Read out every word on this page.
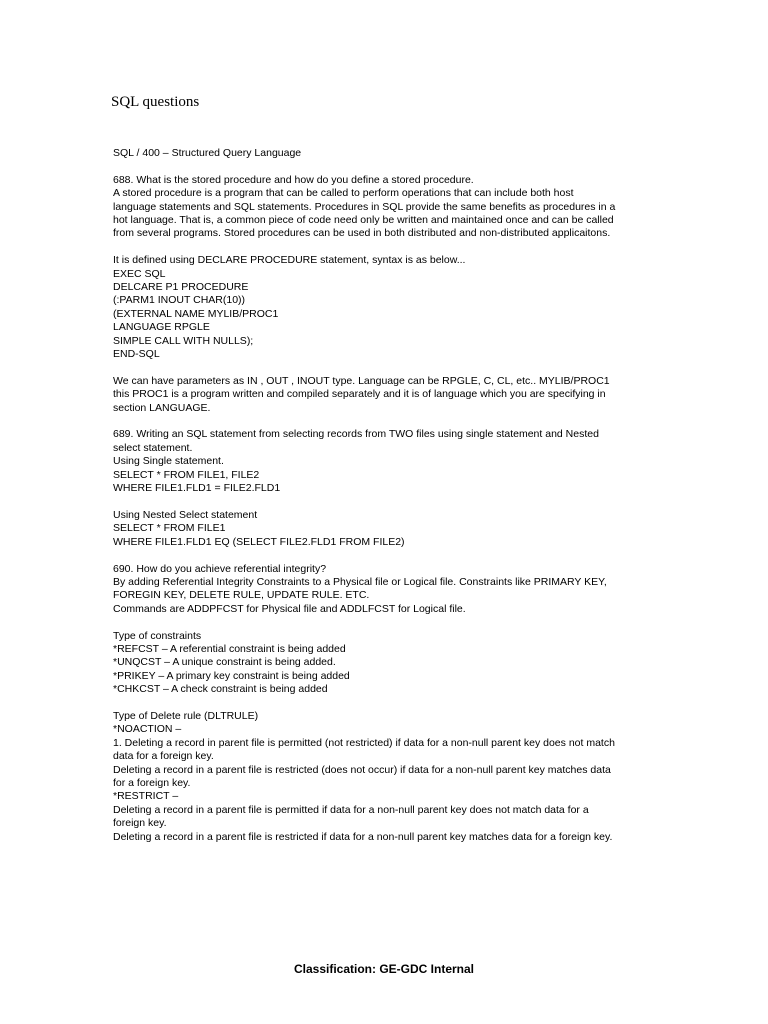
SQL questions
SQL / 400 – Structured Query Language
688. What is the stored procedure and how do you define a stored procedure.
A stored procedure is a program that can be called to perform operations that can include both host
language statements and SQL statements. Procedures in SQL provide the same benefits as procedures in a
hot language. That is, a common piece of code need only be written and maintained once and can be called
from several programs. Stored procedures can be used in both distributed and non-distributed applicaitons.
It is defined using DECLARE PROCEDURE statement, syntax is as below...
EXEC SQL
DELCARE P1 PROCEDURE
(:PARM1 INOUT CHAR(10))
(EXTERNAL NAME MYLIB/PROC1
LANGUAGE RPGLE
SIMPLE CALL WITH NULLS);
END-SQL
We can have parameters as IN , OUT , INOUT type. Language can be RPGLE, C, CL, etc.. MYLIB/PROC1
this PROC1 is a program written and compiled separately and it is of language which you are specifying in
section LANGUAGE.
689. Writing an SQL statement from selecting records from TWO files using single statement and Nested
select statement.
Using Single statement.
SELECT * FROM FILE1, FILE2
WHERE FILE1.FLD1 = FILE2.FLD1
Using Nested Select statement
SELECT * FROM FILE1
WHERE FILE1.FLD1 EQ (SELECT FILE2.FLD1 FROM FILE2)
690. How do you achieve referential integrity?
By adding Referential Integrity Constraints to a Physical file or Logical file. Constraints like PRIMARY KEY,
FOREGIN KEY, DELETE RULE, UPDATE RULE. ETC.
Commands are ADDPFCST for Physical file and ADDLFCST for Logical file.
Type of constraints
*REFCST – A referential constraint is being added
*UNQCST – A unique constraint is being added.
*PRIKEY – A primary key constraint is being added
*CHKCST – A check constraint is being added
Type of Delete rule (DLTRULE)
*NOACTION –
1. Deleting a record in parent file is permitted (not restricted) if data for a non-null parent key does not match
data for a foreign key.
Deleting a record in a parent file is restricted (does not occur) if data for a non-null parent key matches data
for a foreign key.
*RESTRICT –
Deleting a record in a parent file is permitted if data for a non-null parent key does not match data for a
foreign key.
Deleting a record in a parent file is restricted if data for a non-null parent key matches data for a foreign key.
Classification: GE-GDC Internal
